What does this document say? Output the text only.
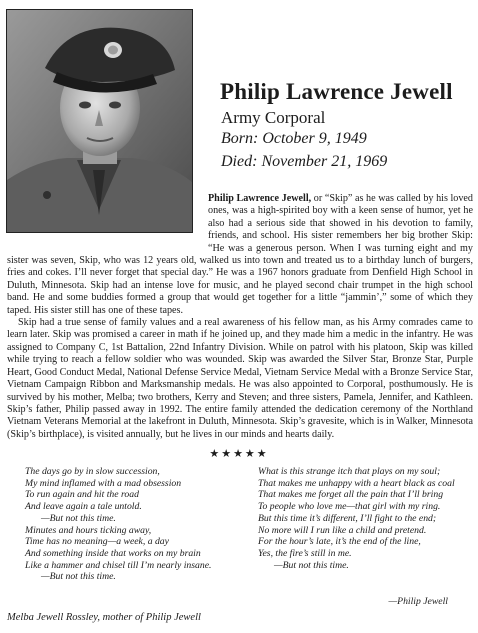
Philip Lawrence Jewell
Army Corporal
Born: October 9, 1949
Died: November 21, 1969

Philip Lawrence Jewell, or “Skip” as he was called by his loved ones, was a high-spirited boy with a keen sense of humor, yet he also had a serious side that showed in his devotion to family, friends, and school. His sister remembers her big brother Skip: “He was a generous person. When I was turning eight and my sister was seven, Skip, who was 12 years old, walked us into town and treated us to a birthday lunch of burgers, fries and cokes. I’ll never forget that special day.” He was a 1967 honors graduate from Denfield High School in Duluth, Minnesota. Skip had an intense love for music, and he played second chair trumpet in the high school band. He and some buddies formed a group that would get together for a little “jammin’,” some of which they taped. His sister still has one of these tapes.

Skip had a true sense of family values and a real awareness of his fellow man, as his Army comrades came to learn later. Skip was promised a career in math if he joined up, and they made him a medic in the infantry. He was assigned to Company C, 1st Battalion, 22nd Infantry Division. While on patrol with his platoon, Skip was killed while trying to reach a fellow soldier who was wounded. Skip was awarded the Silver Star, Bronze Star, Purple Heart, Good Conduct Medal, National Defense Service Medal, Vietnam Service Medal with a Bronze Service Star, Vietnam Campaign Ribbon and Marksmanship medals. He was also appointed to Corporal, posthumously. He is survived by his mother, Melba; two brothers, Kerry and Steven; and three sisters, Pamela, Jennifer, and Kathleen. Skip’s father, Philip passed away in 1992. The entire family attended the dedication ceremony of the Northland Vietnam Veterans Memorial at the lakefront in Duluth, Minnesota. Skip’s gravesite, which is in Walker, Minnesota (Skip’s birthplace), is visited annually, but he lives in our minds and hearts daily.

★★★★★
The days go by in slow succession,
My mind inflamed with a mad obsession
To run again and hit the road
And leave again a tale untold.
—But not this time.
Minutes and hours ticking away,
Time has no meaning—a week, a day
And something inside that works on my brain
Like a hammer and chisel till I’m nearly insane.
—But not this time.
What is this strange itch that plays on my soul;
That makes me unhappy with a heart black as coal
That makes me forget all the pain that I’ll bring
To people who love me—that girl with my ring.
But this time it’s different, I’ll fight to the end;
No more will I run like a child and pretend.
For the hour’s late, it’s the end of the line,
Yes, the fire’s still in me.
—But not this time.
—Philip Jewell
Melba Jewell Rossley, mother of Philip Jewell
